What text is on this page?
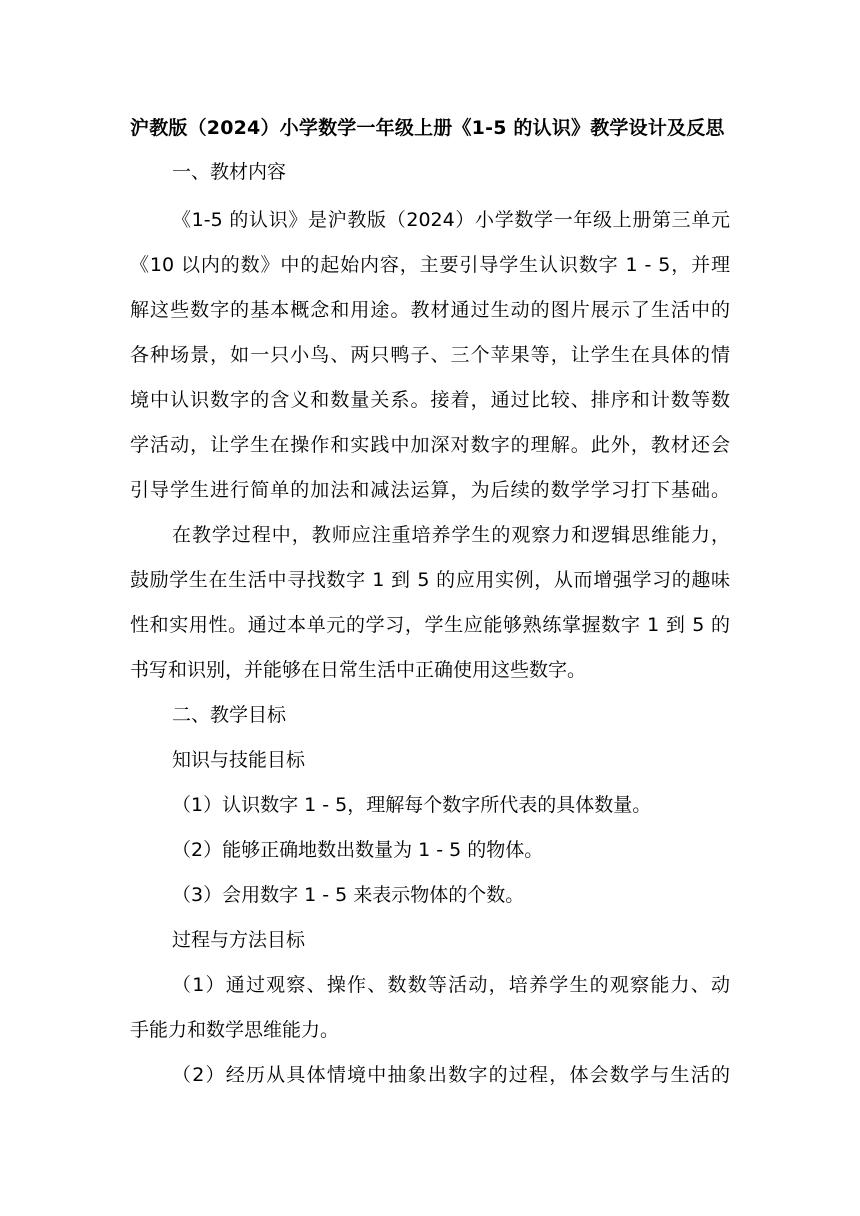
沪教版（2024）小学数学一年级上册《1-5 的认识》教学设计及反思
一、教材内容
《1-5 的认识》是沪教版（2024）小学数学一年级上册第三单元
《10 以内的数》中的起始内容，主要引导学生认识数字 1 - 5，并理
解这些数字的基本概念和用途。教材通过生动的图片展示了生活中的
各种场景，如一只小鸟、两只鸭子、三个苹果等，让学生在具体的情
境中认识数字的含义和数量关系。接着，通过比较、排序和计数等数
学活动，让学生在操作和实践中加深对数字的理解。此外，教材还会
引导学生进行简单的加法和减法运算，为后续的数学学习打下基础。
在教学过程中，教师应注重培养学生的观察力和逻辑思维能力，
鼓励学生在生活中寻找数字 1 到 5 的应用实例，从而增强学习的趣味
性和实用性。通过本单元的学习，学生应能够熟练掌握数字 1 到 5 的
书写和识别，并能够在日常生活中正确使用这些数字。
二、教学目标
知识与技能目标
（1）认识数字 1 - 5，理解每个数字所代表的具体数量。
（2）能够正确地数出数量为 1 - 5 的物体。
（3）会用数字 1 - 5 来表示物体的个数。
过程与方法目标
（1）通过观察、操作、数数等活动，培养学生的观察能力、动
手能力和数学思维能力。
（2）经历从具体情境中抽象出数字的过程，体会数学与生活的
